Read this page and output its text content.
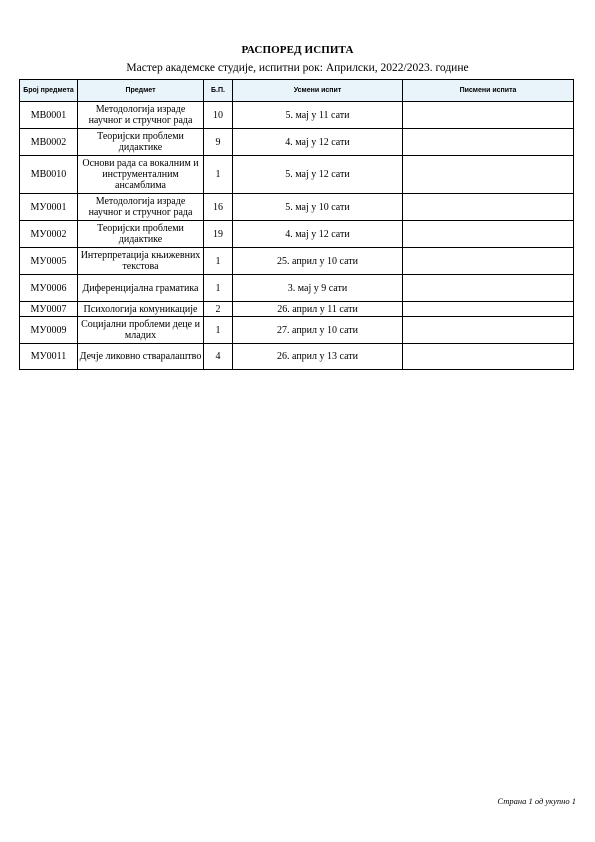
РАСПОРЕД ИСПИТА
Мастер академске студије, испитни рок: Априлски, 2022/2023. године
Број предмета	Предмет	Б.П.	Усмени испит	Писмени испита
МВ0001	Методологија израде научног и стручног рада	10	5. мај у 11 сати	
МВ0002	Теоријски проблеми дидактике	9	4. мај у 12 сати	
МВ0010	Основи рада са вокалним и инструменталним ансамблима	1	5. мај у 12 сати	
МУ0001	Методологија израде научног и стручног рада	16	5. мај у 10 сати	
МУ0002	Теоријски проблеми дидактике	19	4. мај у 12 сати	
МУ0005	Интерпретација књижевних текстова	1	25. април у 10 сати	
МУ0006	Диференцијална граматика	1	3. мај у 9 сати	
МУ0007	Психологија комуникације	2	26. април у 11 сати	
МУ0009	Социјални проблеми деце и младих	1	27. април у 10 сати	
МУ0011	Дечје ликовно стваралаштво	4	26. април у 13 сати	
Страна 1 од укупно 1
